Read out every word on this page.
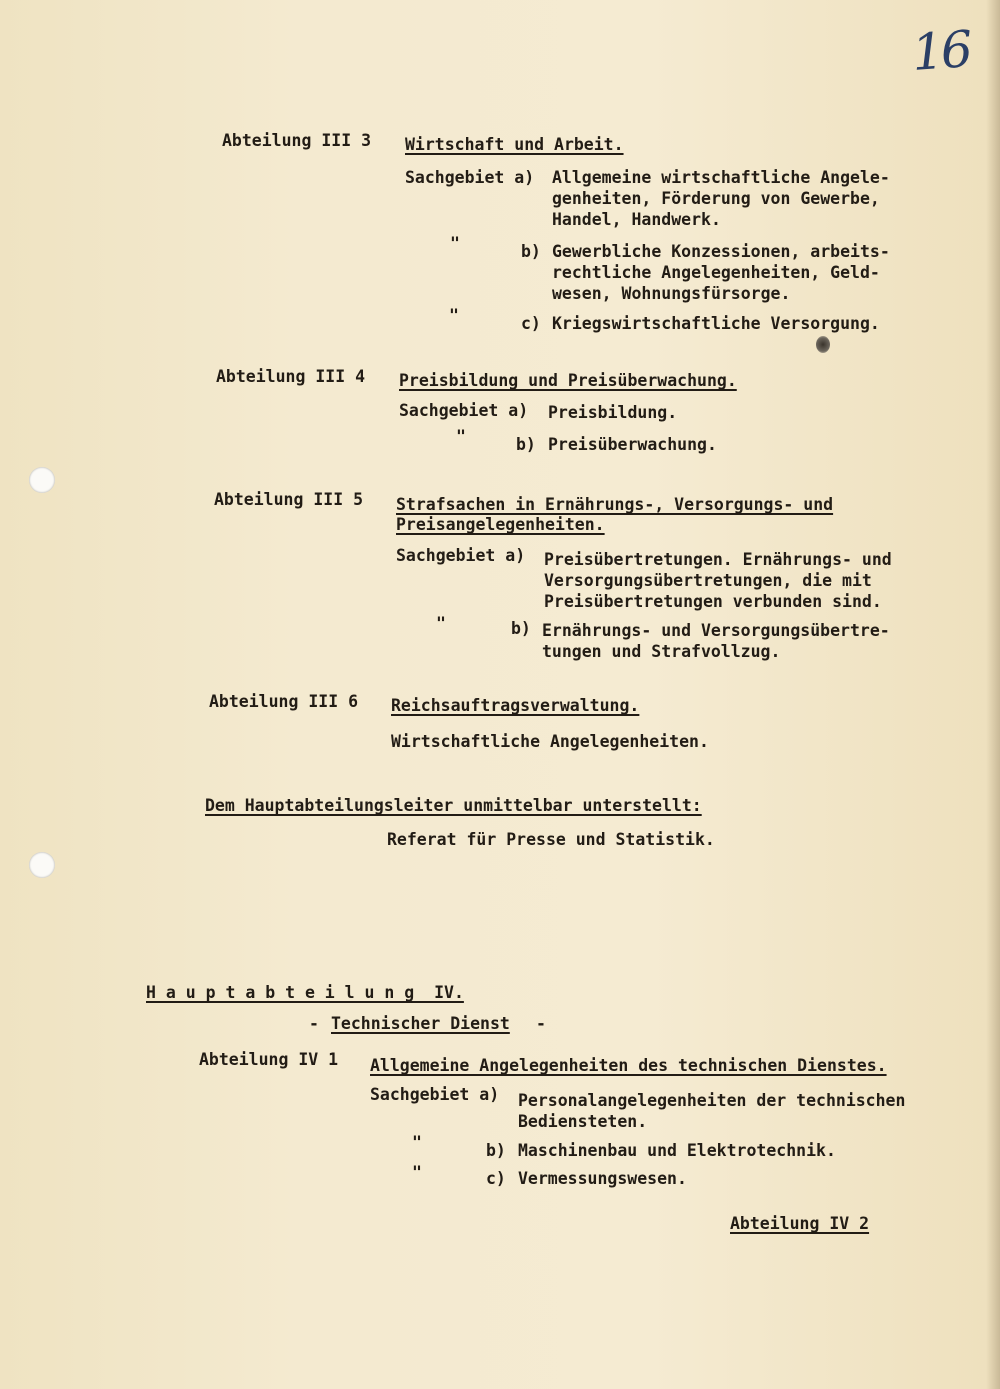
16

Abteilung III 3 Wirtschaft und Arbeit.

Sachgebiet a) Allgemeine wirtschaftliche Angele-
genheiten, Förderung von Gewerbe,
Handel, Handwerk.

"	b) Gewerbliche Konzessionen, arbeits-
rechtliche Angelegenheiten, Geld-
wesen, Wohnungsfürsorge.

"	c) Kriegswirtschaftliche Versorgung.

Abteilung III 4 Preisbildung und Preisüberwachung.

Sachgebiet a) Preisbildung.

"	b) Preisüberwachung.

Abteilung III 5 Strafsachen in Ernährungs-, Versorgungs- und

Preisangelegenheiten.

Sachgebiet a) Preisübertretungen. Ernährungs- und
Versorgungsübertretungen, die mit
Preisübertretungen verbunden sind.

"	b) Ernährungs- und Versorgungsübertre-
tungen und Strafvollzug.

Abteilung III 6 Reichsauftragsverwaltung.

Wirtschaftliche Angelegenheiten.

Dem Hauptabteilungsleiter unmittelbar unterstellt:

Referat für Presse und Statistik.

H a u p t a b t e i l u n g  IV.

- Technischer Dienst -

Abteilung IV 1 Allgemeine Angelegenheiten des technischen Dienstes.

Sachgebiet a) Personalangelegenheiten der technischen
Bediensteten.

"	b) Maschinenbau und Elektrotechnik.

"	c) Vermessungswesen.

Abteilung IV 2
